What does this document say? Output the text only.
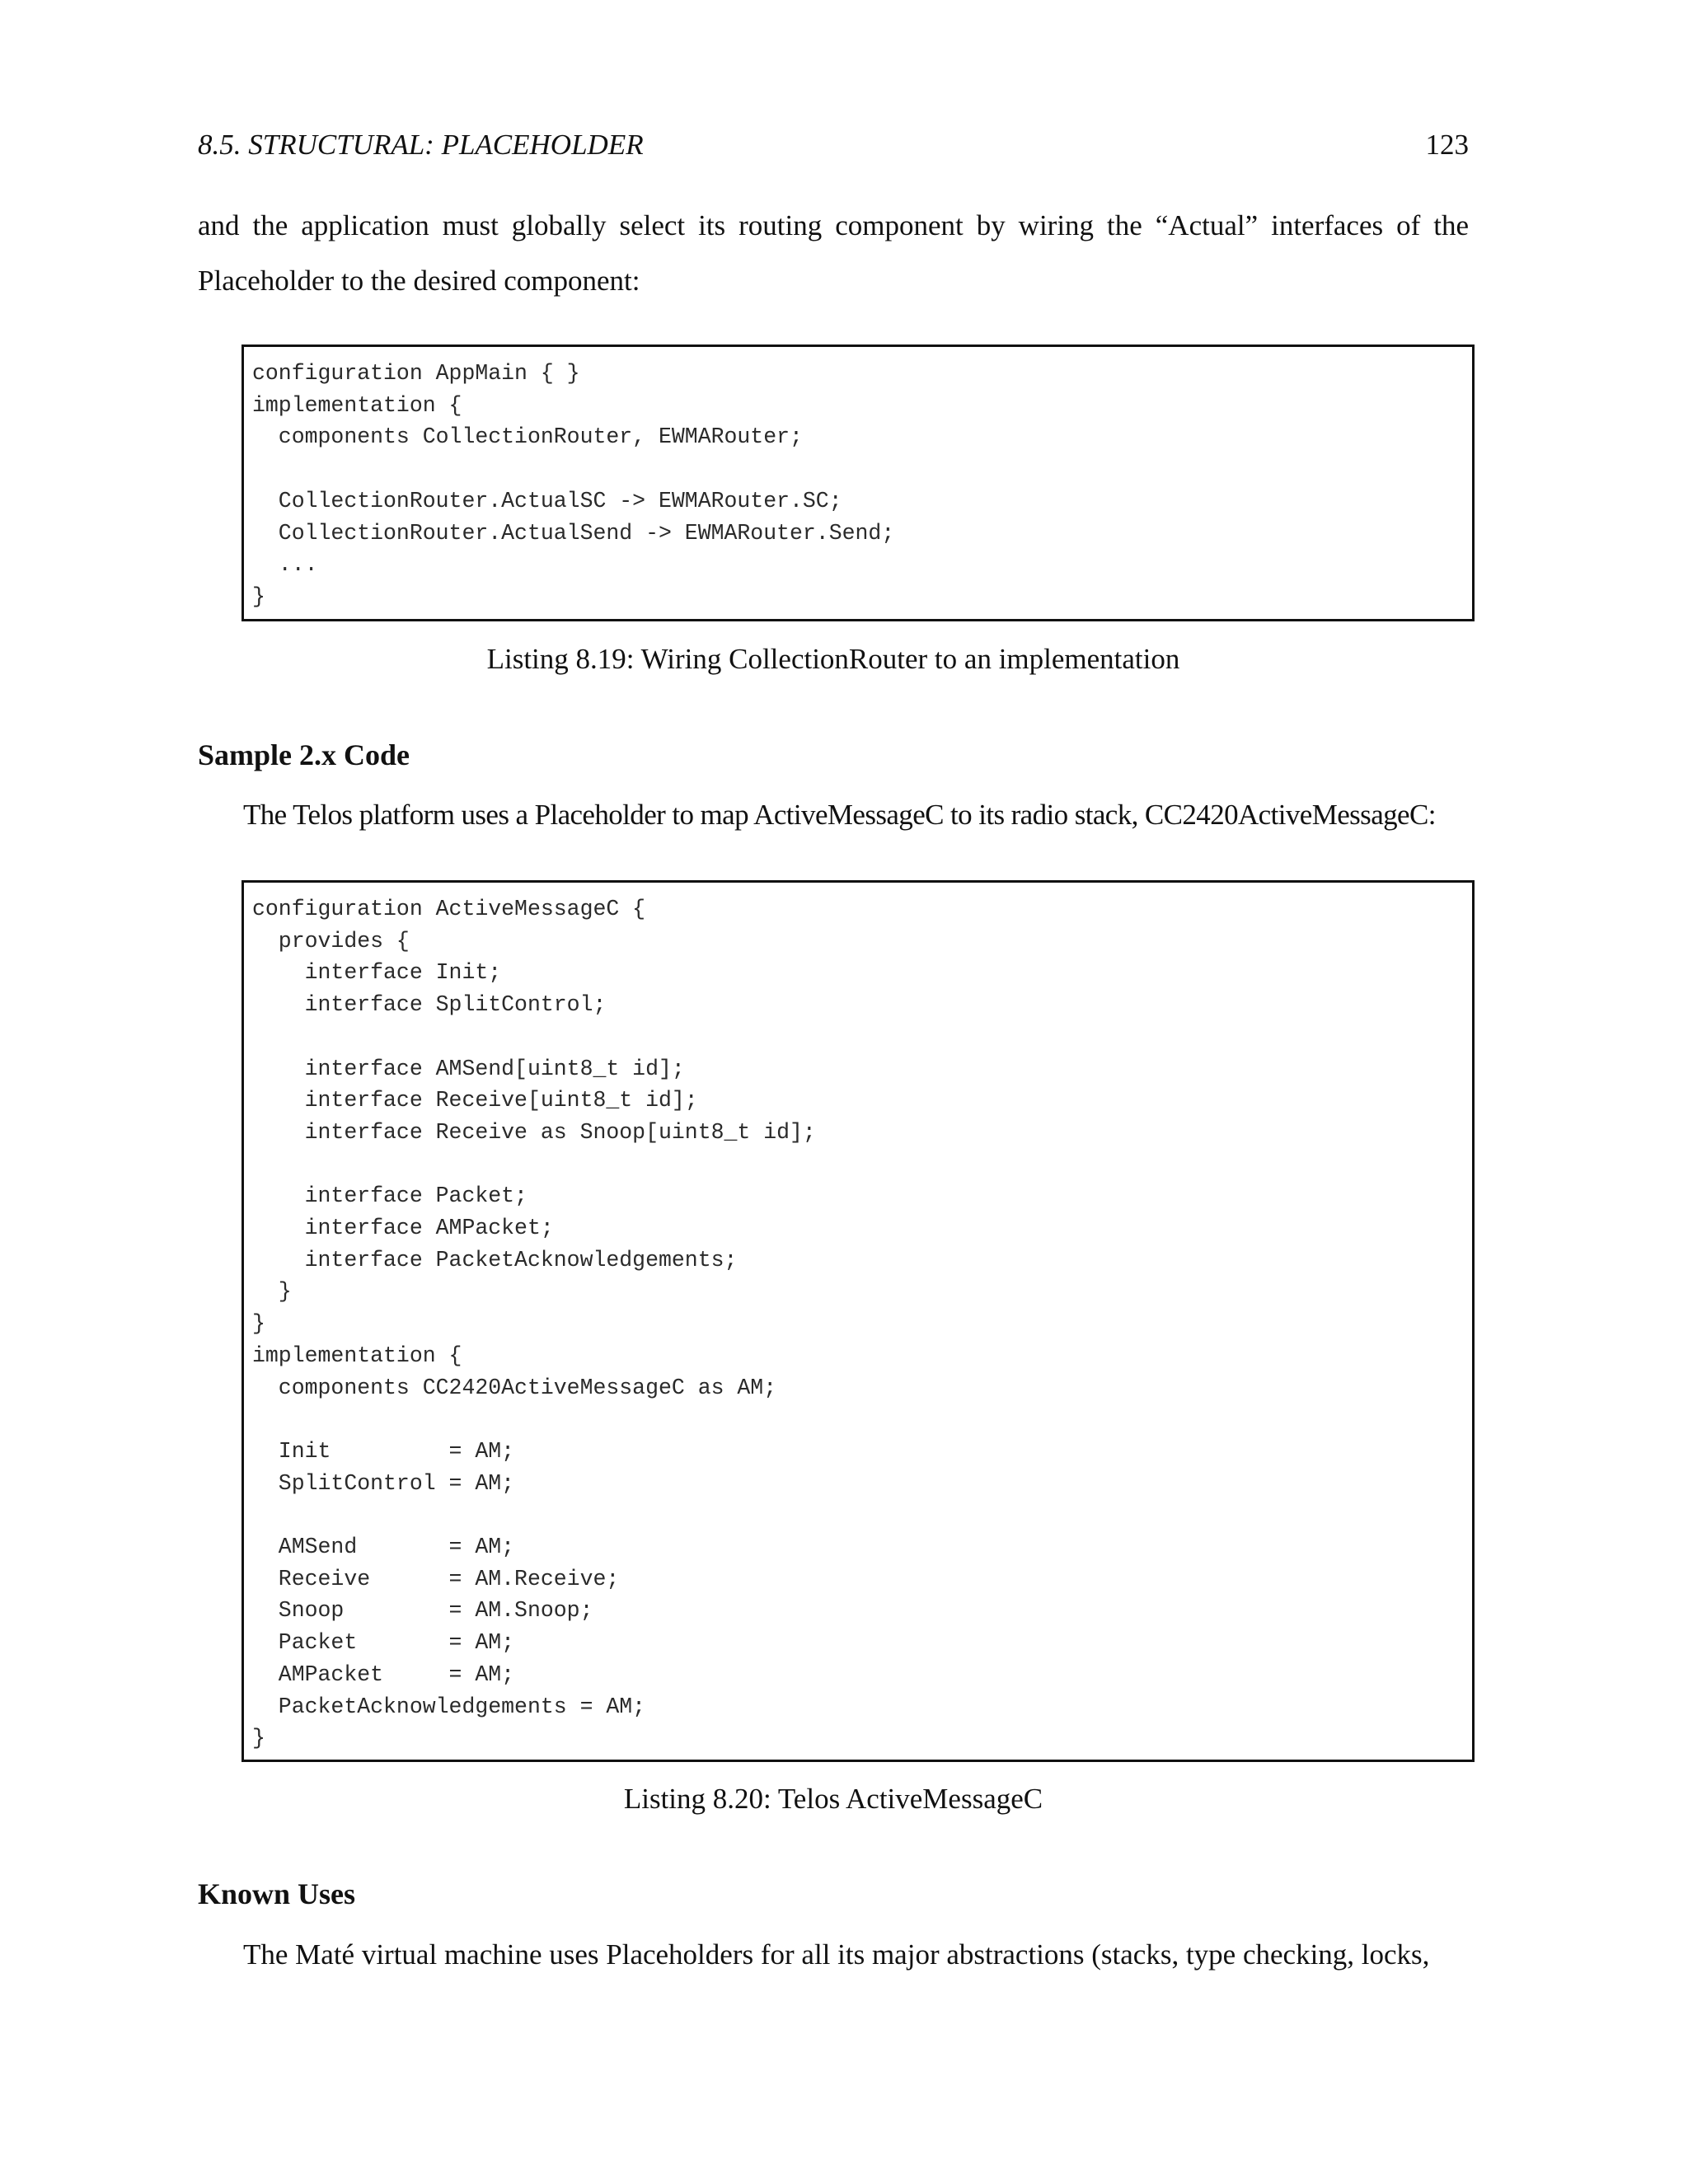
8.5. STRUCTURAL: PLACEHOLDER	123

and the application must globally select its routing component by wiring the “Actual” interfaces of the Placeholder to the desired component:

configuration AppMain { }
implementation {
components CollectionRouter, EWMARouter;

CollectionRouter.ActualSC -> EWMARouter.SC;
CollectionRouter.ActualSend -> EWMARouter.Send;
...
}
Listing 8.19: Wiring CollectionRouter to an implementation
Sample 2.x Code

The Telos platform uses a Placeholder to map ActiveMessageC to its radio stack, CC2420ActiveMessageC:

configuration ActiveMessageC {
provides {
interface Init;
interface SplitControl;

interface AMSend[uint8_t id];
interface Receive[uint8_t id];
interface Receive as Snoop[uint8_t id];

interface Packet;
interface AMPacket;
interface PacketAcknowledgements;
}
}
implementation {
components CC2420ActiveMessageC as AM;

Init         = AM;
SplitControl = AM;

AMSend       = AM;
Receive      = AM.Receive;
Snoop        = AM.Snoop;
Packet       = AM;
AMPacket     = AM;
PacketAcknowledgements = AM;
}
Listing 8.20: Telos ActiveMessageC
Known Uses

The Maté virtual machine uses Placeholders for all its major abstractions (stacks, type checking, locks,
